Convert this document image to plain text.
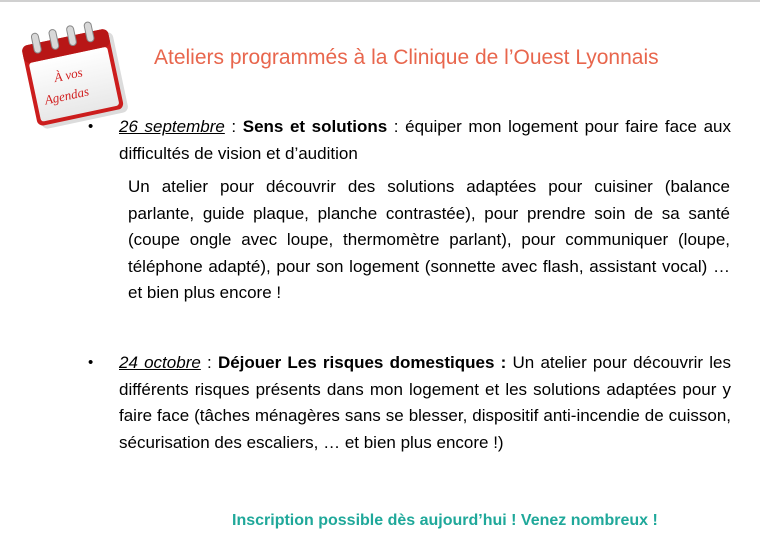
À vos
Agendas
Ateliers programmés à la Clinique de l’Ouest Lyonnais
• 26 septembre : Sens et solutions : équiper mon logement pour faire face aux difficultés de vision et d’audition
Un atelier pour découvrir des solutions adaptées pour cuisiner (balance parlante, guide plaque, planche contrastée), pour prendre soin de sa santé (coupe ongle avec loupe, thermomètre parlant), pour communiquer (loupe, téléphone adapté), pour son logement (sonnette avec flash, assistant vocal) … et bien plus encore !
• 24 octobre : Déjouer Les risques domestiques : Un atelier pour découvrir les différents risques présents dans mon logement et les solutions adaptées pour y faire face (tâches ménagères sans se blesser, dispositif anti-incendie de cuisson, sécurisation des escaliers, … et bien plus encore !)
Inscription possible dès aujourd’hui ! Venez nombreux !
